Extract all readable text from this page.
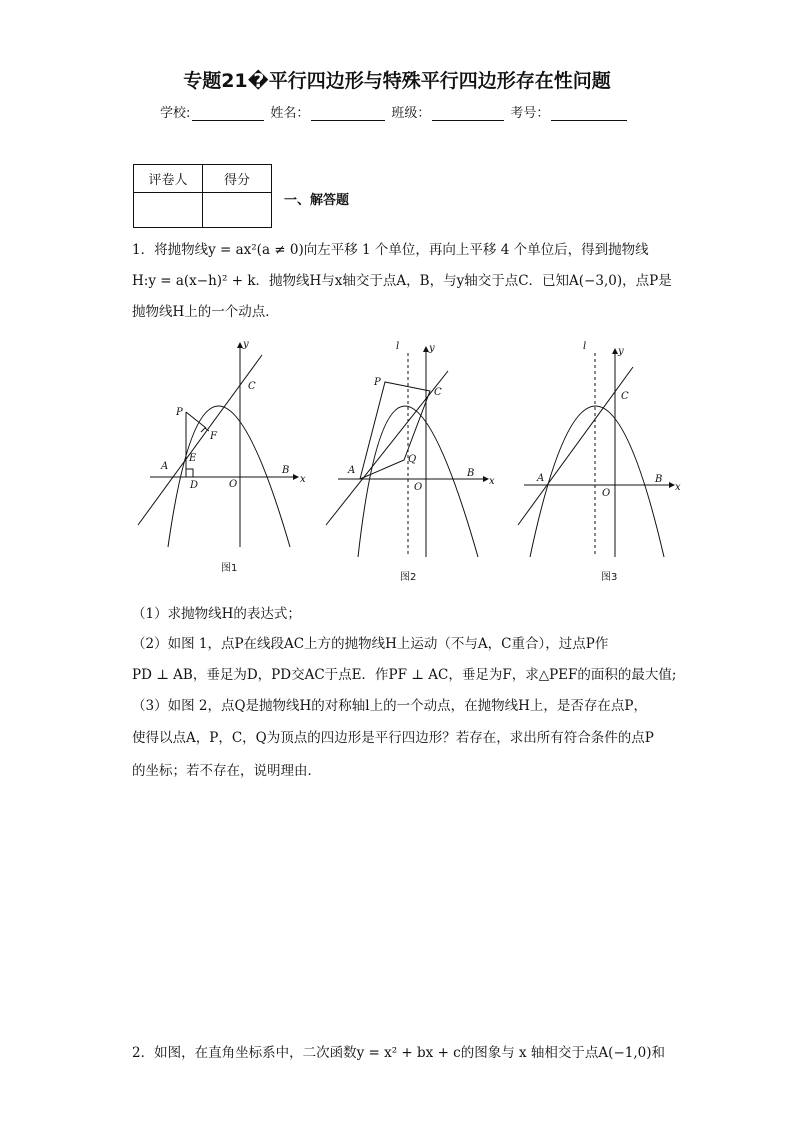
专题21�平行四边形与特殊平行四边形存在性问题
学校:	姓名：	班级：	考号：
评卷人	得分

一、解答题
1．将抛物线y = ax²(a ≠ 0)向左平移 1 个单位，再向上平移 4 个单位后，得到抛物线
H:y = a(x−h)² + k．抛物线H与x轴交于点A，B，与y轴交于点C．已知A(−3,0)，点P是
抛物线H上的一个动点．
y
C
P
F
E
A
D	O
B
x
图1
l	y
P
C
Q
A
O
B
x
图2
l	y
C
A
O
B
x
图3
（1）求抛物线H的表达式；
（2）如图 1，点P在线段AC上方的抛物线H上运动（不与A，C重合），过点P作
PD ⊥ AB，垂足为D，PD交AC于点E．作PF ⊥ AC，垂足为F，求△PEF的面积的最大值;
（3）如图 2，点Q是抛物线H的对称轴l上的一个动点，在抛物线H上，是否存在点P，
使得以点A，P，C，Q为顶点的四边形是平行四边形？若存在，求出所有符合条件的点P
的坐标；若不存在，说明理由．
2．如图，在直角坐标系中，二次函数y = x² + bx + c的图象与 x 轴相交于点A(−1,0)和
